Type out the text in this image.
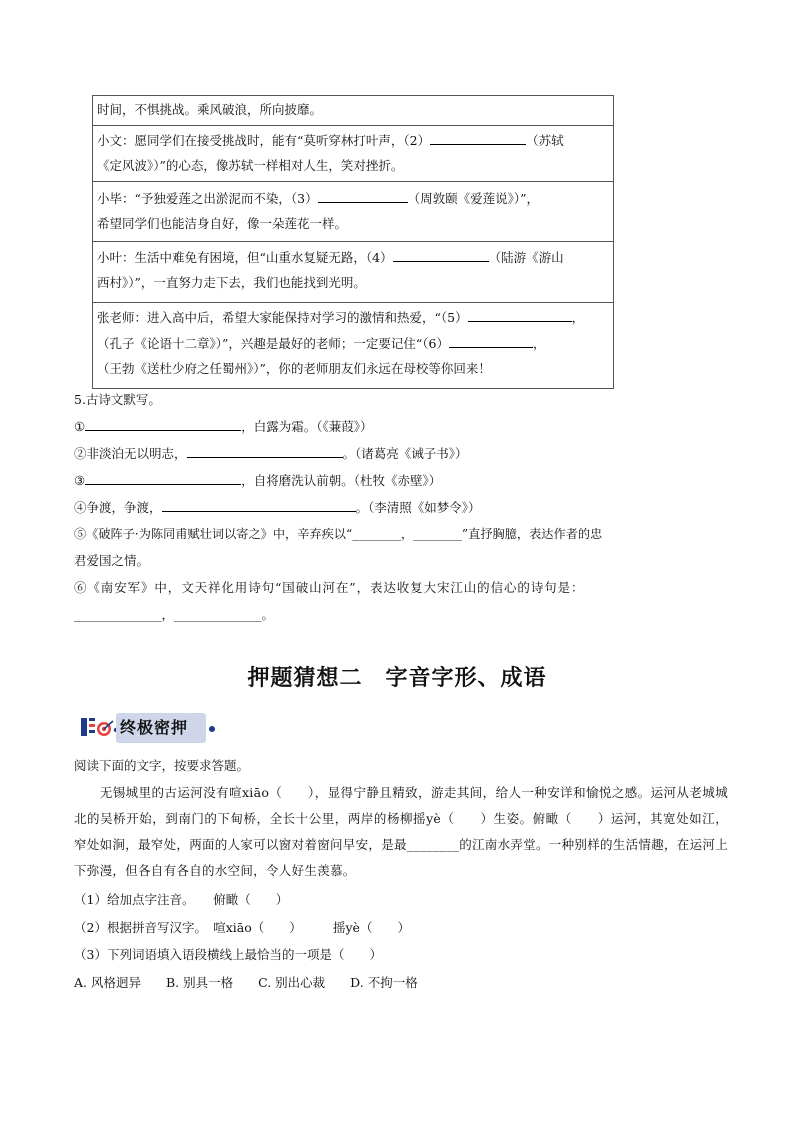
时间，不惧挑战。乘风破浪，所向披靡。
小文：愿同学们在接受挑战时，能有“莫听穿林打叶声，（2）	（苏轼
《定风波》）”的心态，像苏轼一样相对人生，笑对挫折。
小毕：“予独爱莲之出淤泥而不染，（3）	（周敦颐《爱莲说》）”，
希望同学们也能洁身自好，像一朵莲花一样。
小叶：生活中难免有困境，但“山重水复疑无路，（4）	（陆游《游山
西村》）”，一直努力走下去，我们也能找到光明。
张老师：进入高中后，希望大家能保持对学习的激情和热爱，“（5）	，
（孔子《论语十二章》）”，兴趣是最好的老师；一定要记住“（6）	，
（王勃《送杜少府之任蜀州》）”，你的老师朋友们永远在母校等你回来！
5.古诗文默写。
①	，白露为霜。（《蒹葭》）
②非淡泊无以明志，	。（诸葛亮《诫子书》）
③	，自将磨洗认前朝。（杜牧《赤壁》）
④争渡，争渡，	。（李清照《如梦令》）
⑤《破阵子·为陈同甫赋壮词以寄之》中，辛弃疾以“________，________”直抒胸臆，表达作者的忠
君爱国之情。
⑥《南安军》中，文天祥化用诗句“国破山河在”，表达收复大宋江山的信心的诗句是：
______________，______________。
押题猜想二　字音字形、成语
终极密押
阅读下面的文字，按要求答题。
　　无锡城里的古运河没有喧xiāo（　　），显得宁静且精致，游走其间，给人一种安详和愉悦之感。运河从老城城北的吴桥开始，到南门的下甸桥，全长十公里，两岸的杨柳摇yè（　　）生姿。俯瞰（　　）运河，其宽处如江，窄处如涧，最窄处，两面的人家可以窗对着窗问早安，是最________的江南水弄堂。一种别样的生活情趣，在运河上下弥漫，但各自有各自的水空间，令人好生羡慕。
（1）给加点字注音。　　俯瞰（　　）
（2）根据拼音写汉字。　喧xiāo（　　）　　　摇yè（　　）
（3）下列词语填入语段横线上最恰当的一项是（　　）
A. 风格迥异　　B. 别具一格　　C. 别出心裁　　D. 不拘一格
